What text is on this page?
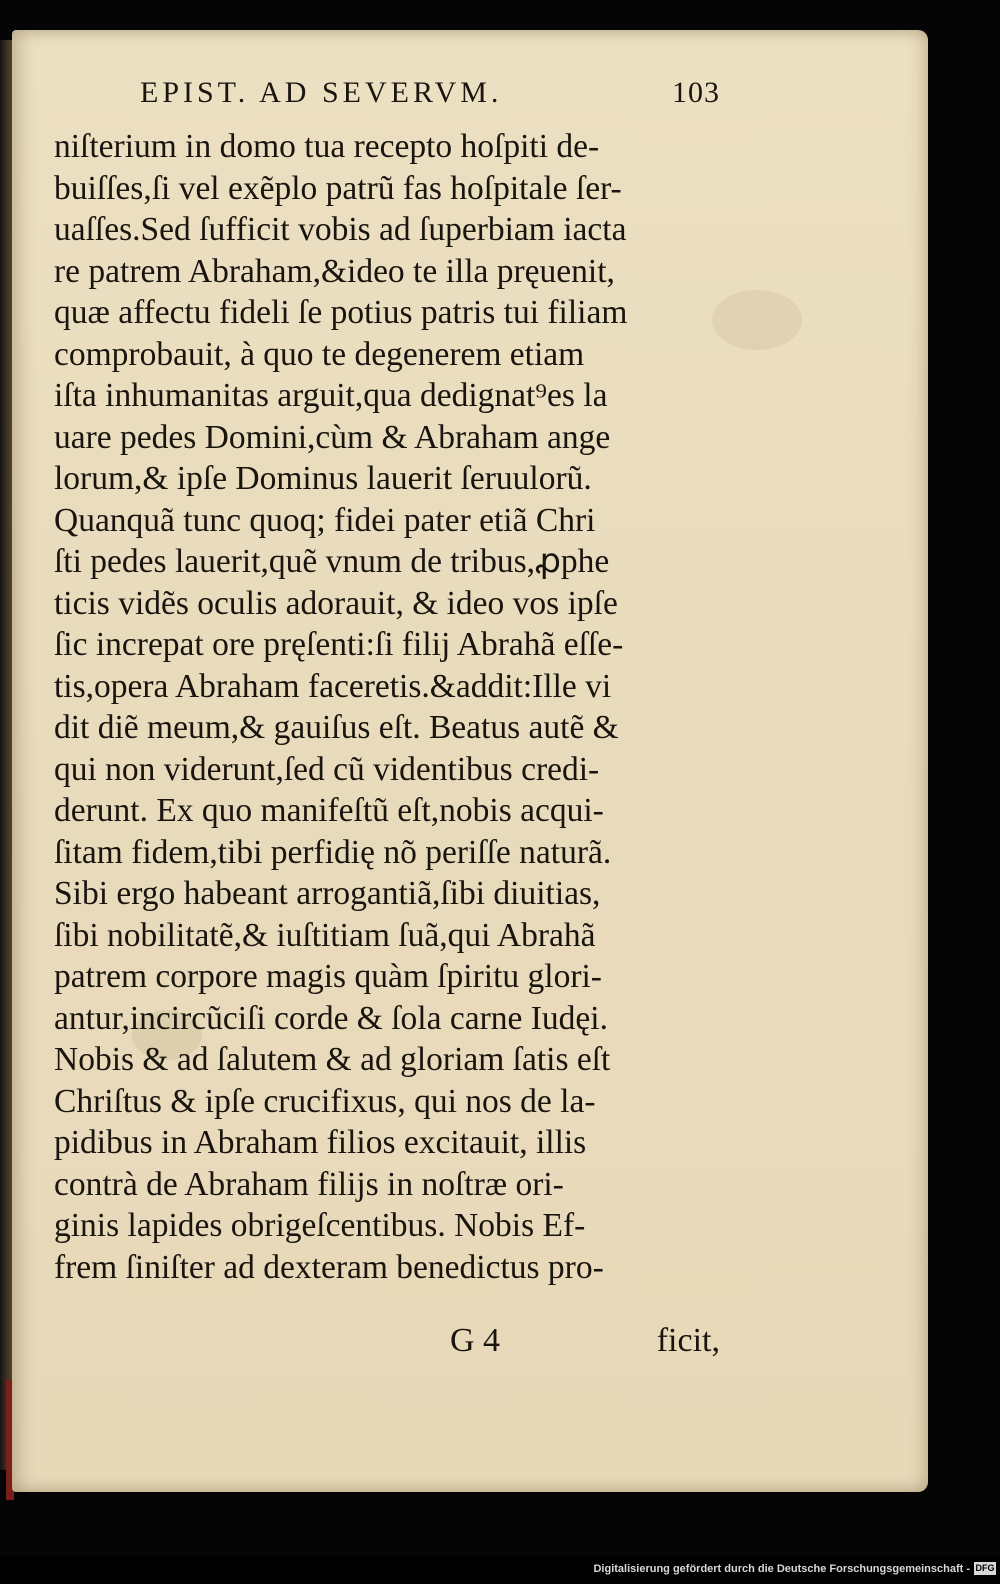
EPIST. AD SEVERVM.	103
niſterium in domo tua recepto hoſpiti de-
buiſſes,ſi vel exẽplo patrũ fas hoſpitale ſer-
uaſſes.Sed ſufficit vobis ad ſuperbiam iacta
re patrem Abraham,&ideo te illa pręuenit,
quæ affectu fideli ſe potius patris tui filiam
comprobauit, à quo te degenerem etiam
iſta inhumanitas arguit,qua dedignat⁹es la
uare pedes Domini,cùm & Abraham ange
lorum,& ipſe Dominus lauerit ſeruulorũ.
Quanquã tunc quoq; fidei pater etiã Chri
ſti pedes lauerit,quẽ vnum de tribus,ꝓphe
ticis vidẽs oculis adorauit, & ideo vos ipſe
ſic increpat ore pręſenti:ſi filij Abrahã eſſe-
tis,opera Abraham faceretis.&addit:Ille vi
dit diẽ meum,& gauiſus eſt. Beatus autẽ &
qui non viderunt,ſed cũ videntibus credi-
derunt. Ex quo manifeſtũ eſt,nobis acqui-
ſitam fidem,tibi perfidię nõ periſſe naturã.
Sibi ergo habeant arrogantiã,ſibi diuitias,
ſibi nobilitatẽ,& iuſtitiam ſuã,qui Abrahã
patrem corpore magis quàm ſpiritu glori-
antur,incircũciſi corde & ſola carne Iudęi.
Nobis & ad ſalutem & ad gloriam ſatis eſt
Chriſtus & ipſe crucifixus, qui nos de la-
pidibus in Abraham filios excitauit, illis
contrà de Abraham filijs in noſtræ ori-
ginis lapides obrigeſcentibus. Nobis Ef-
frem ſiniſter ad dexteram benedictus pro-
G 4	ficit,
Digitalisierung gefördert durch die Deutsche Forschungsgemeinschaft - DFG
